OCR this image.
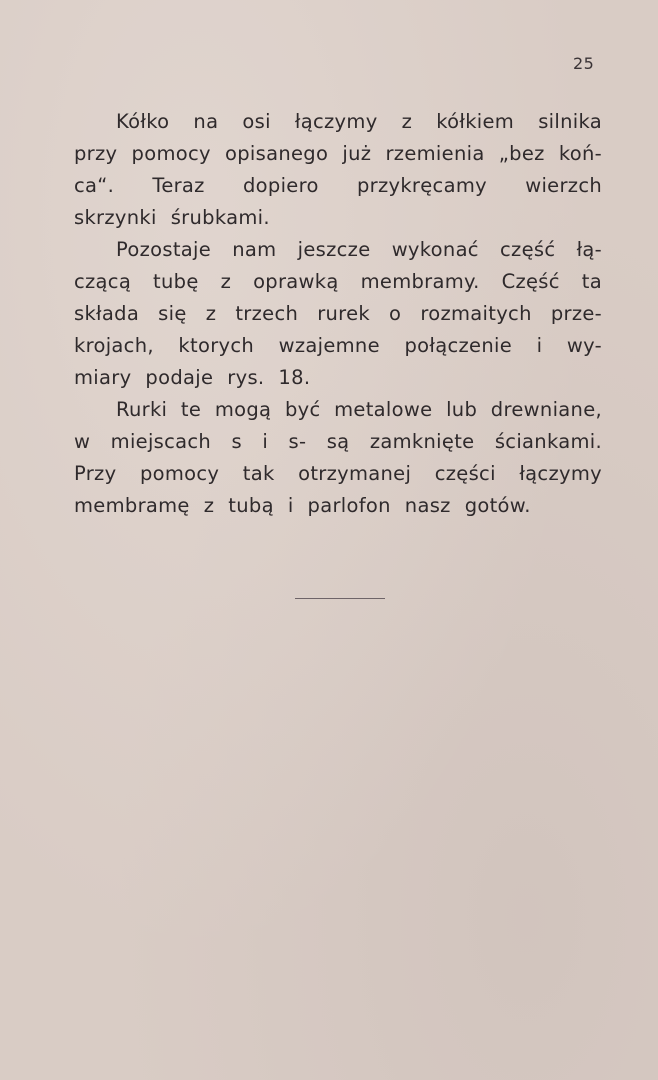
25
Kółko na osi łączymy z kółkiem silnika
przy pomocy opisanego już rzemienia „bez koń-
ca“. Teraz dopiero przykręcamy wierzch
skrzynki śrubkami.
Pozostaje nam jeszcze wykonać część łą-
czącą tubę z oprawką membramy. Część ta
składa się z trzech rurek o rozmaitych prze-
krojach, ktorych wzajemne połączenie i wy-
miary podaje rys. 18.
Rurki te mogą być metalowe lub drewniane,
w miejscach s i s- są zamknięte ściankami.
Przy pomocy tak otrzymanej części łączymy
membramę z tubą i parlofon nasz gotów.
